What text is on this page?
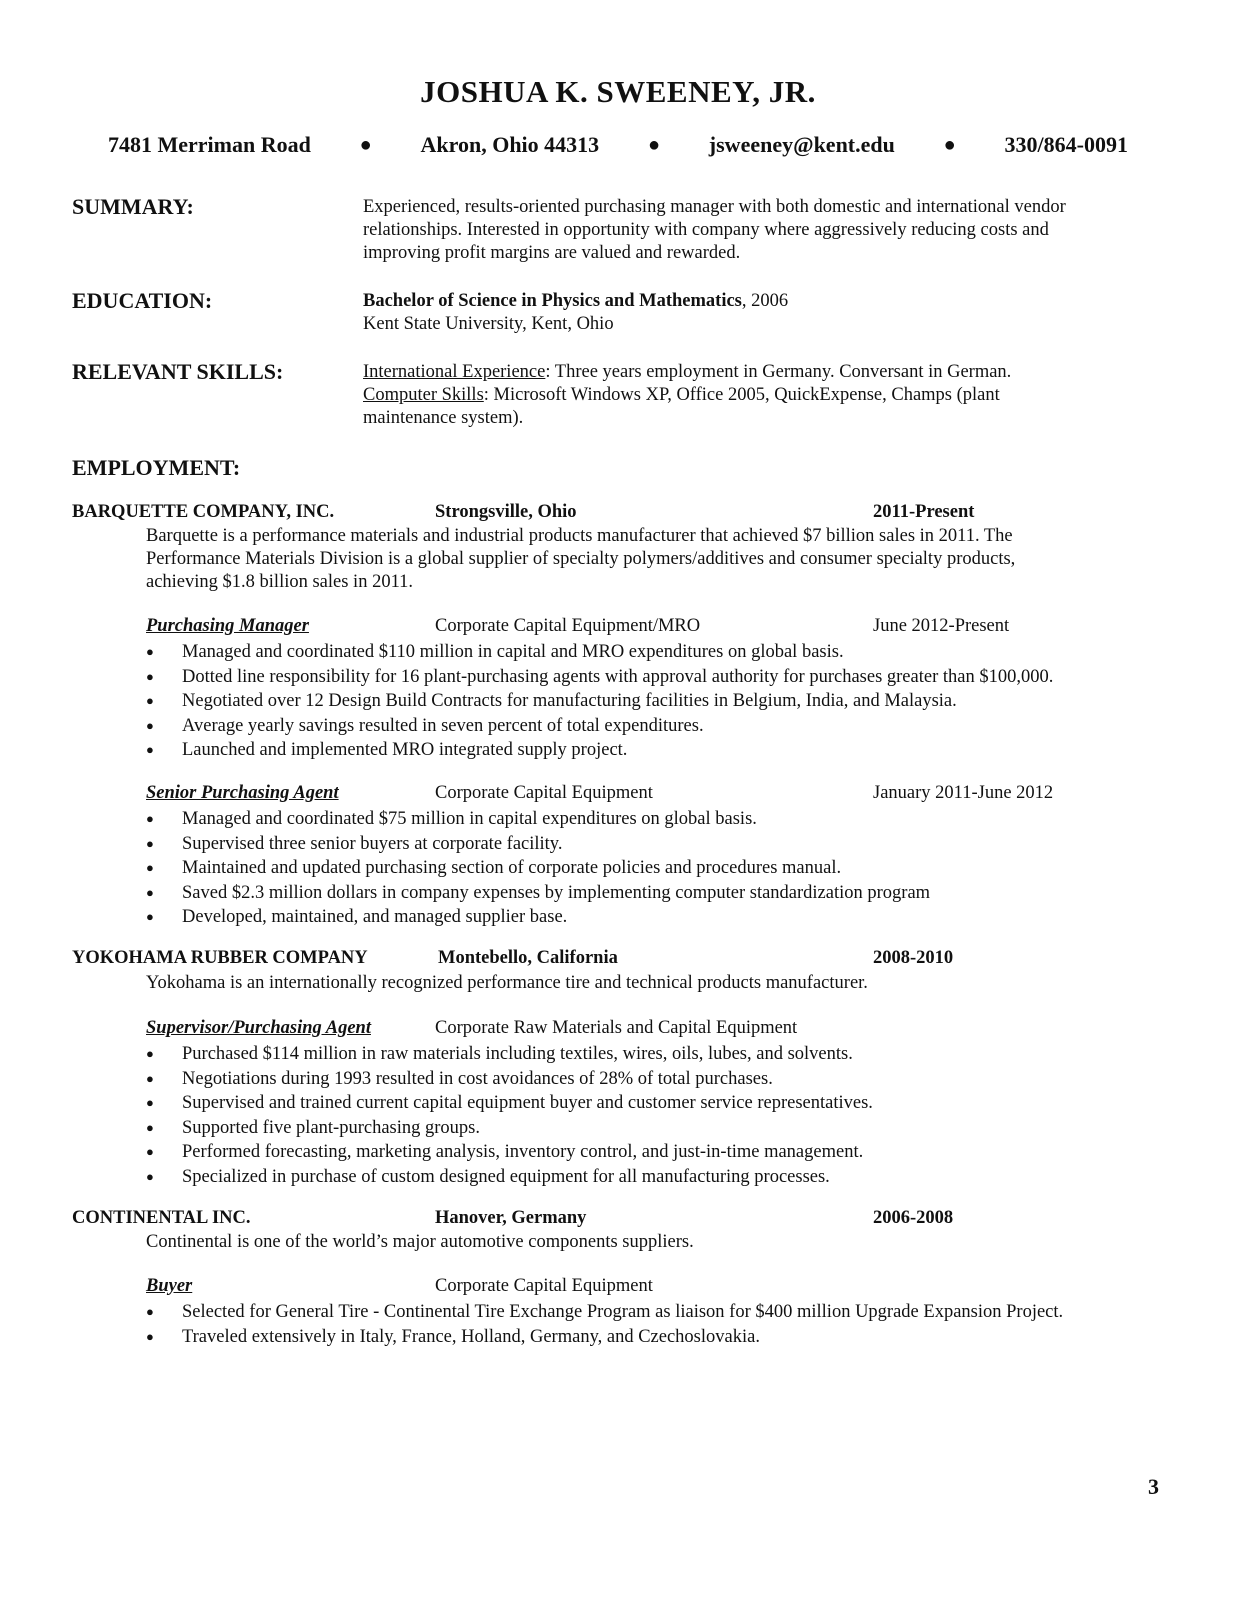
JOSHUA K. SWEENEY, JR.
7481 Merriman Road ● Akron, Ohio 44313 ● jsweeney@kent.edu ● 330/864-0091
SUMMARY:	Experienced, results-oriented purchasing manager with both domestic and international vendor
relationships. Interested in opportunity with company where aggressively reducing costs and
improving profit margins are valued and rewarded.
EDUCATION:	Bachelor of Science in Physics and Mathematics, 2006
Kent State University, Kent, Ohio
RELEVANT SKILLS:	International Experience: Three years employment in Germany. Conversant in German.
Computer Skills: Microsoft Windows XP, Office 2005, QuickExpense, Champs (plant
maintenance system).
EMPLOYMENT:
BARQUETTE COMPANY, INC.	Strongsville, Ohio	2011-Present
Barquette is a performance materials and industrial products manufacturer that achieved $7 billion sales in 2011. The
Performance Materials Division is a global supplier of specialty polymers/additives and consumer specialty products,
achieving $1.8 billion sales in 2011.
Purchasing Manager	Corporate Capital Equipment/MRO	June 2012-Present
● Managed and coordinated $110 million in capital and MRO expenditures on global basis.
● Dotted line responsibility for 16 plant-purchasing agents with approval authority for purchases greater than $100,000.
● Negotiated over 12 Design Build Contracts for manufacturing facilities in Belgium, India, and Malaysia.
● Average yearly savings resulted in seven percent of total expenditures.
● Launched and implemented MRO integrated supply project.
Senior Purchasing Agent	Corporate Capital Equipment	January 2011-June 2012
● Managed and coordinated $75 million in capital expenditures on global basis.
● Supervised three senior buyers at corporate facility.
● Maintained and updated purchasing section of corporate policies and procedures manual.
● Saved $2.3 million dollars in company expenses by implementing computer standardization program
● Developed, maintained, and managed supplier base.
YOKOHAMA RUBBER COMPANY	Montebello, California	2008-2010
Yokohama is an internationally recognized performance tire and technical products manufacturer.
Supervisor/Purchasing Agent	Corporate Raw Materials and Capital Equipment
● Purchased $114 million in raw materials including textiles, wires, oils, lubes, and solvents.
● Negotiations during 1993 resulted in cost avoidances of 28% of total purchases.
● Supervised and trained current capital equipment buyer and customer service representatives.
● Supported five plant-purchasing groups.
● Performed forecasting, marketing analysis, inventory control, and just-in-time management.
● Specialized in purchase of custom designed equipment for all manufacturing processes.
CONTINENTAL INC.	Hanover, Germany	2006-2008
Continental is one of the world’s major automotive components suppliers.
Buyer	Corporate Capital Equipment
● Selected for General Tire - Continental Tire Exchange Program as liaison for $400 million Upgrade Expansion Project.
● Traveled extensively in Italy, France, Holland, Germany, and Czechoslovakia.
3
